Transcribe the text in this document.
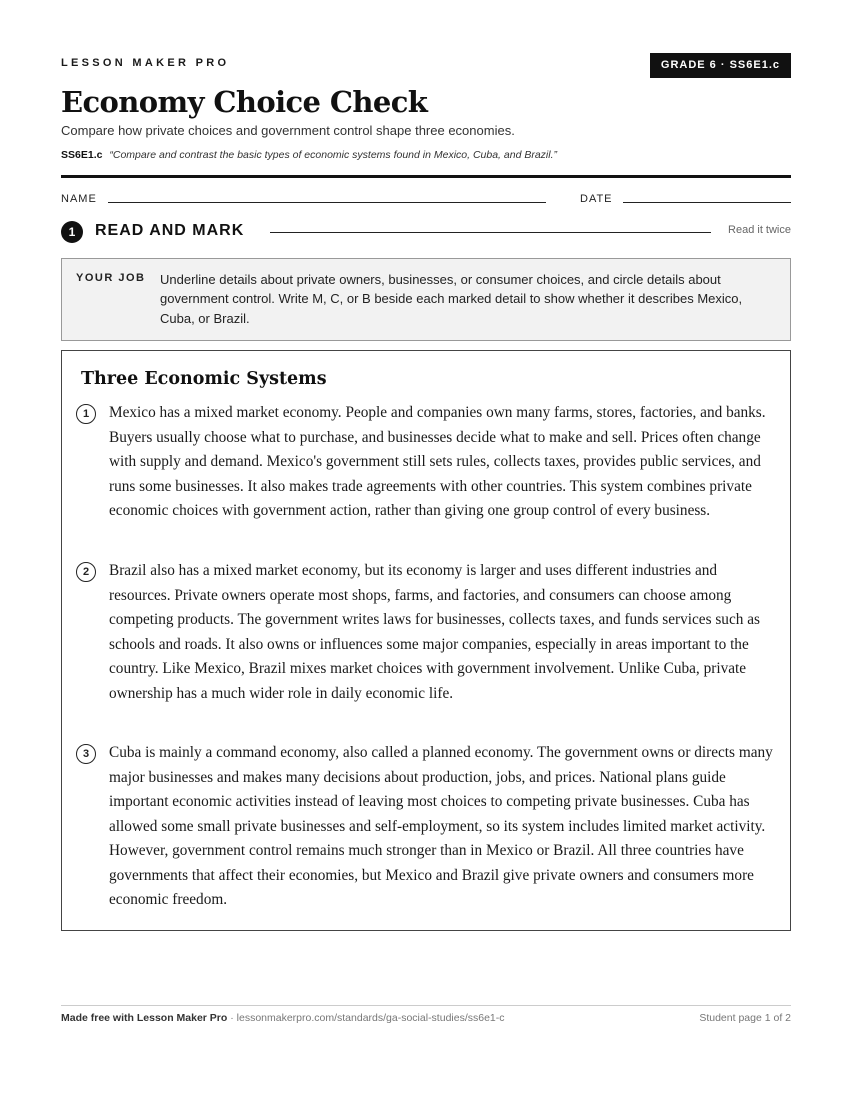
LESSON MAKER PRO	GRADE 6 · SS6E1.c
Economy Choice Check
Compare how private choices and government control shape three economies.
SS6E1.c “Compare and contrast the basic types of economic systems found in Mexico, Cuba, and Brazil.”
NAME	DATE
1	READ AND MARK	Read it twice
YOUR JOB Underline details about private owners, businesses, or consumer choices, and circle details about government control. Write M, C, or B beside each marked detail to show whether it describes Mexico, Cuba, or Brazil.
Three Economic Systems
1	Mexico has a mixed market economy. People and companies own many farms, stores, factories, and banks. Buyers usually choose what to purchase, and businesses decide what to make and sell. Prices often change with supply and demand. Mexico's government still sets rules, collects taxes, provides public services, and runs some businesses. It also makes trade agreements with other countries. This system combines private economic choices with government action, rather than giving one group control of every business.

2	Brazil also has a mixed market economy, but its economy is larger and uses different industries and resources. Private owners operate most shops, farms, and factories, and consumers can choose among competing products. The government writes laws for businesses, collects taxes, and funds services such as schools and roads. It also owns or influences some major companies, especially in areas important to the country. Like Mexico, Brazil mixes market choices with government involvement. Unlike Cuba, private ownership has a much wider role in daily economic life.

3	Cuba is mainly a command economy, also called a planned economy. The government owns or directs many major businesses and makes many decisions about production, jobs, and prices. National plans guide important economic activities instead of leaving most choices to competing private businesses. Cuba has allowed some small private businesses and self-employment, so its system includes limited market activity. However, government control remains much stronger than in Mexico or Brazil. All three countries have governments that affect their economies, but Mexico and Brazil give private owners and consumers more economic freedom.

Made free with Lesson Maker Pro · lessonmakerpro.com/standards/ga-social-studies/ss6e1-c	Student page 1 of 2
